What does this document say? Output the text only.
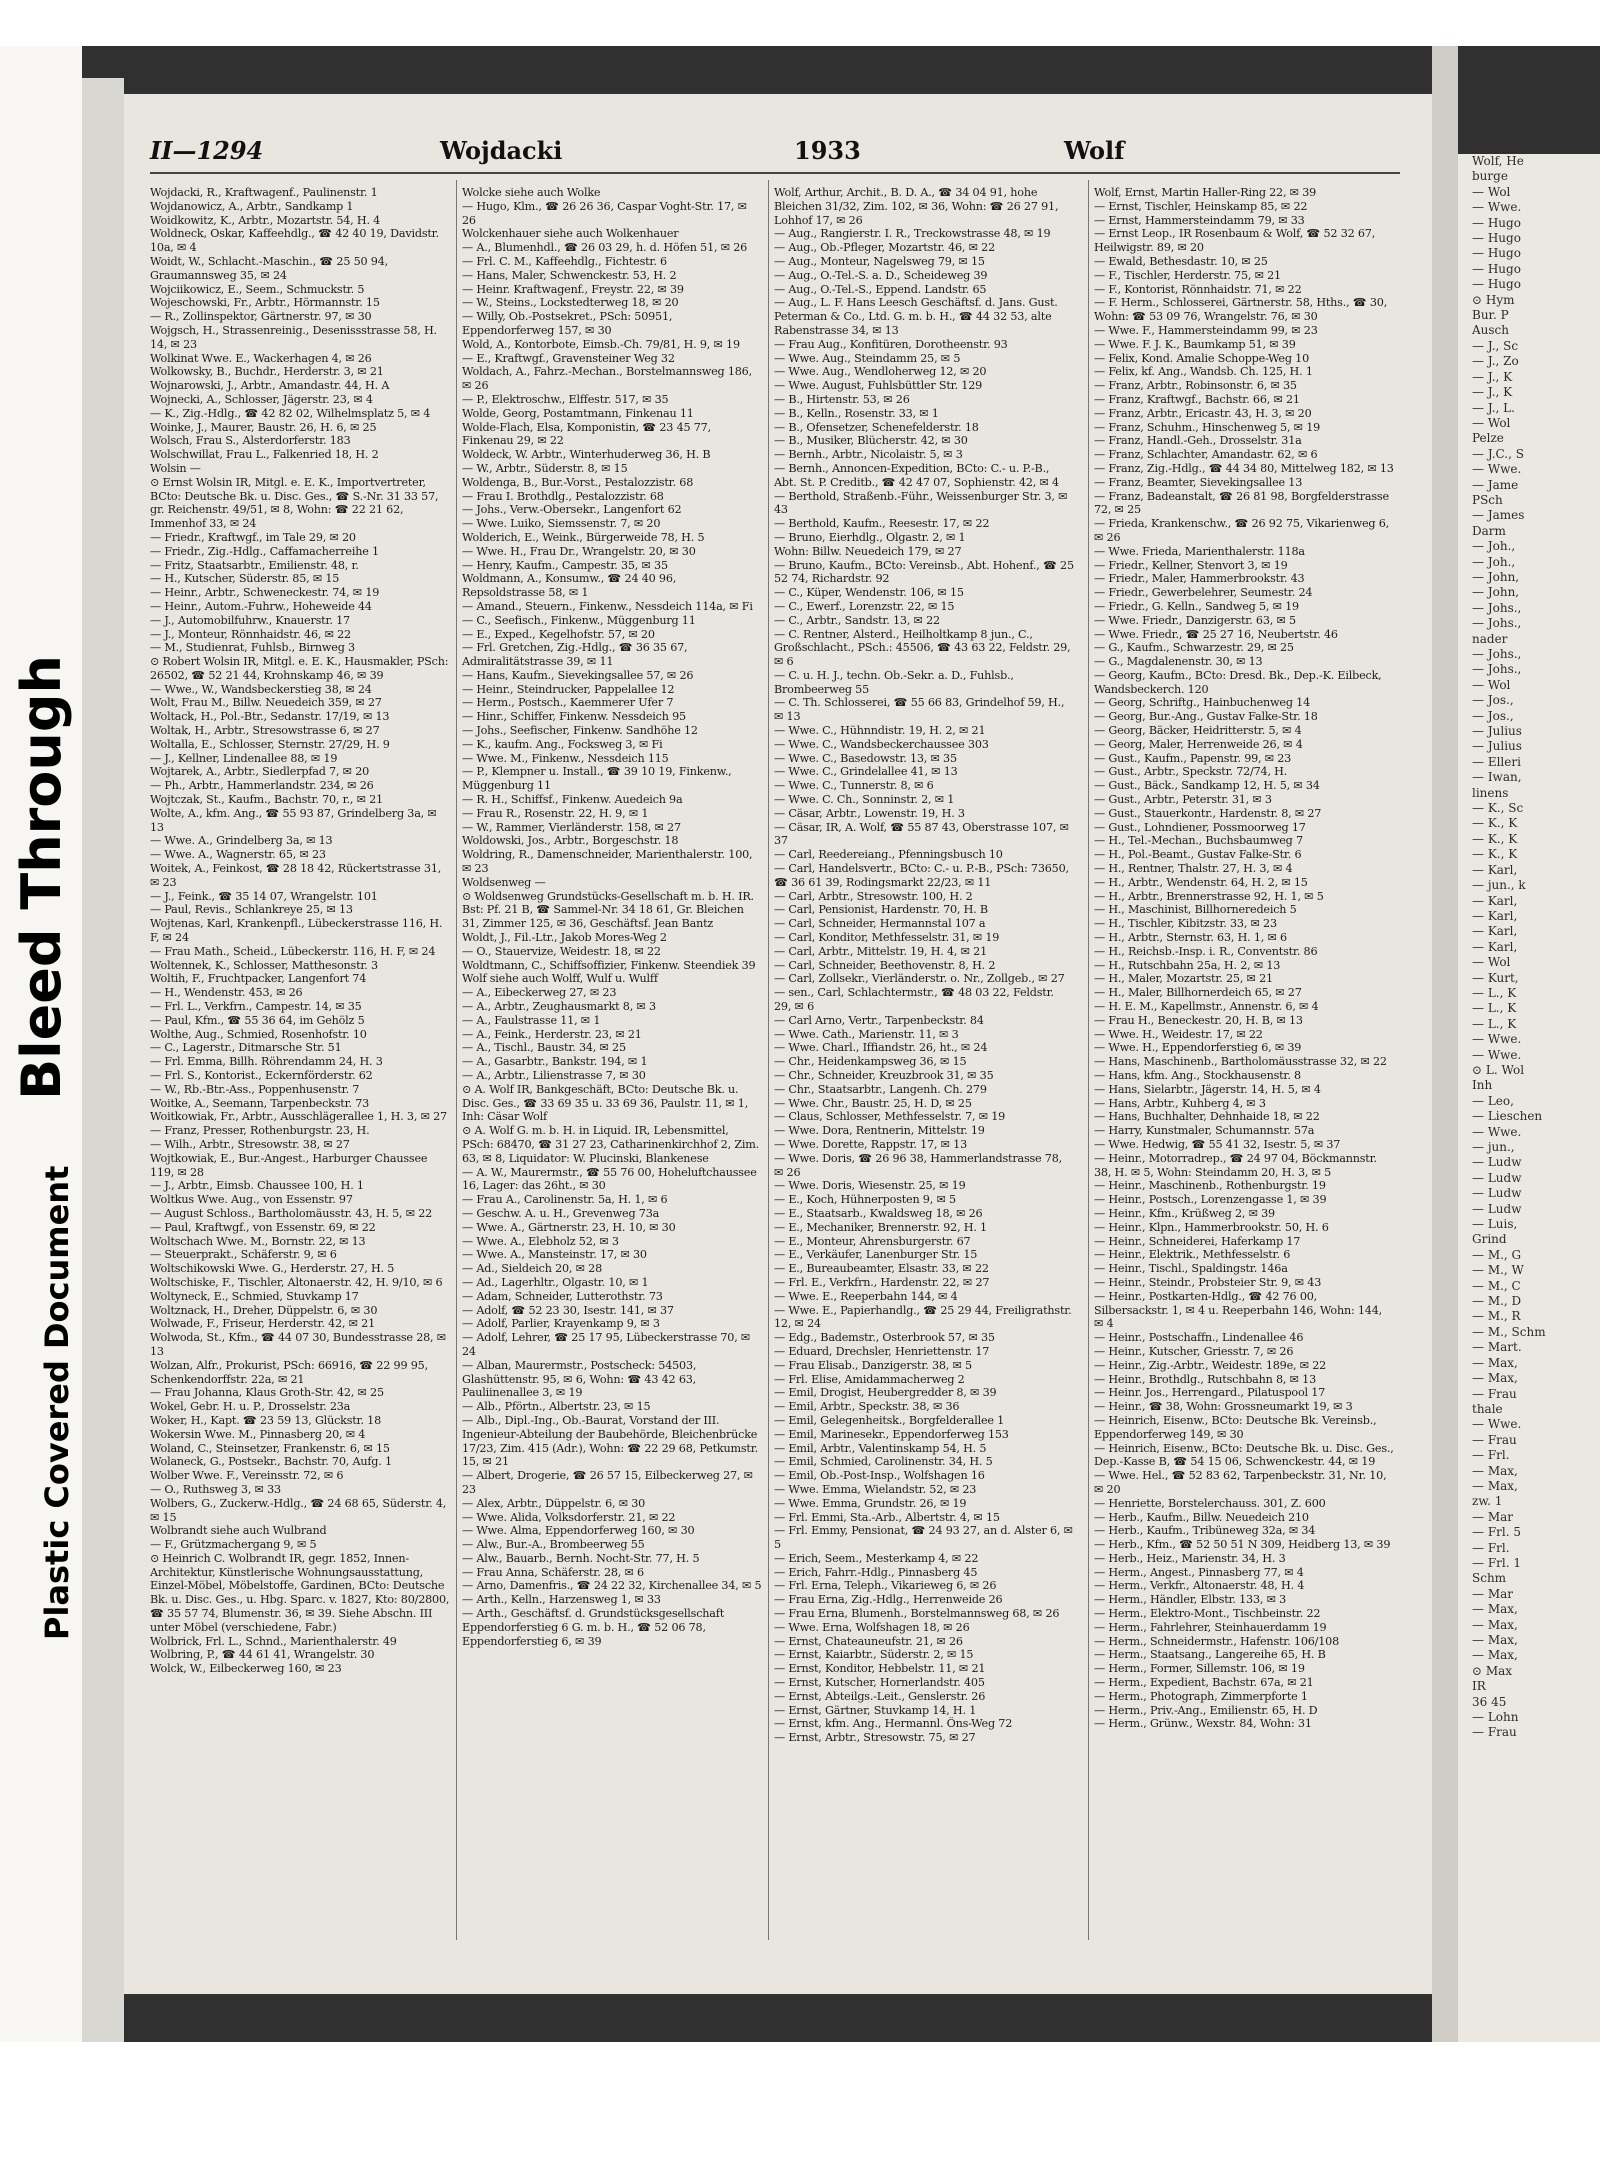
Wolf, He
burge
— Wol
— Wwe.
— Hugo
— Hugo
— Hugo
— Hugo
— Hugo
⊙ Hym
Bur. P
Ausch
— J., Sc
— J., Zo
— J., K
— J., K
— J., L.
— Wol
Pelze
— J.C., S
— Wwe.
— Jame
PSch
— James
Darm
— Joh.,
— Joh.,
— John,
— John,
— Johs.,
— Johs.,
nader
— Johs.,
— Johs.,
— Wol
— Jos.,
— Jos.,
— Julius
— Julius
— Elleri
— Iwan,
linens
— K., Sc
— K., K
— K., K
— K., K
— Karl,
— jun., k
— Karl,
— Karl,
— Karl,
— Karl,
— Wol
— Kurt,
— L., K
— L., K
— L., K
— Wwe.
— Wwe.
⊙ L. Wol
Inh
— Leo,
— Lieschen
— Wwe.
— jun.,
— Ludw
— Ludw
— Ludw
— Ludw
— Luis,
Grind
— M., G
— M., W
— M., C
— M., D
— M., R
— M., Schm
— Mart.
— Max,
— Max,
— Frau
thale
— Wwe.
— Frau
— Frl.
— Max,
— Max,
zw. 1
— Mar
— Frl. 5
— Frl.
— Frl. 1
Schm
— Mar
— Max,
— Max,
— Max,
— Max,
⊙ Max
IR
36 45
— Lohn
— Frau
Bleed Through
Plastic Covered Document
II—1294	Wojdacki	1933	Wolf
Wojdacki, R., Kraftwagenf., Paulinenstr. 1
Wojdanowicz, A., Arbtr., Sandkamp 1
Woidkowitz, K., Arbtr., Mozartstr. 54, H. 4
Woldneck, Oskar, Kaffeehdlg., ☎ 42 40 19, Davidstr. 10a, ✉ 4
Woidt, W., Schlacht.-Maschin., ☎ 25 50 94, Graumannsweg 35, ✉ 24
Wojciikowicz, E., Seem., Schmuckstr. 5
Wojeschowski, Fr., Arbtr., Hörmannstr. 15
— R., Zollinspektor, Gärtnerstr. 97, ✉ 30
Wojgsch, H., Strassenreinig., Desenissstrasse 58, H. 14, ✉ 23
Wolkinat Wwe. E., Wackerhagen 4, ✉ 26
Wolkowsky, B., Buchdr., Herderstr. 3, ✉ 21
Wojnarowski, J., Arbtr., Amandastr. 44, H. A
Wojnecki, A., Schlosser, Jägerstr. 23, ✉ 4
— K., Zig.-Hdlg., ☎ 42 82 02, Wilhelmsplatz 5, ✉ 4
Woinke, J., Maurer, Baustr. 26, H. 6, ✉ 25
Wolsch, Frau S., Alsterdorferstr. 183
Wolschwillat, Frau L., Falkenried 18, H. 2
Wolsin —
⊙ Ernst Wolsin IR, Mitgl. e. E. K., Importvertreter, BCto: Deutsche Bk. u. Disc. Ges., ☎ S.-Nr. 31 33 57, gr. Reichenstr. 49/51, ✉ 8, Wohn: ☎ 22 21 62, Immenhof 33, ✉ 24
— Friedr., Kraftwgf., im Tale 29, ✉ 20
— Friedr., Zig.-Hdlg., Caffamacherreihe 1
— Fritz, Staatsarbtr., Emilienstr. 48, r.
— H., Kutscher, Süderstr. 85, ✉ 15
— Heinr., Arbtr., Schweneckestr. 74, ✉ 19
— Heinr., Autom.-Fuhrw., Hoheweide 44
— J., Automobilfuhrw., Knauerstr. 17
— J., Monteur, Rönnhaidstr. 46, ✉ 22
— M., Studienrat, Fuhlsb., Birnweg 3
⊙ Robert Wolsin IR, Mitgl. e. E. K., Hausmakler, PSch: 26502, ☎ 52 21 44, Krohnskamp 46, ✉ 39
— Wwe., W., Wandsbeckerstieg 38, ✉ 24
Wolt, Frau M., Billw. Neuedeich 359, ✉ 27
Woltack, H., Pol.-Btr., Sedanstr. 17/19, ✉ 13
Woltak, H., Arbtr., Stresowstrasse 6, ✉ 27
Woltalla, E., Schlosser, Sternstr. 27/29, H. 9
— J., Kellner, Lindenallee 88, ✉ 19
Wojtarek, A., Arbtr., Siedlerpfad 7, ✉ 20
— Ph., Arbtr., Hammerlandstr. 234, ✉ 26
Wojtczak, St., Kaufm., Bachstr. 70, r., ✉ 21
Wolte, A., kfm. Ang., ☎ 55 93 87, Grindelberg 3a, ✉ 13
— Wwe. A., Grindelberg 3a, ✉ 13
— Wwe. A., Wagnerstr. 65, ✉ 23
Woitek, A., Feinkost, ☎ 28 18 42, Rückertstrasse 31, ✉ 23
— J., Feink., ☎ 35 14 07, Wrangelstr. 101
— Paul, Revis., Schlankreye 25, ✉ 13
Wojtenas, Karl, Krankenpfl., Lübeckerstrasse 116, H. F, ✉ 24
— Frau Math., Scheid., Lübeckerstr. 116, H. F, ✉ 24
Woltennek, K., Schlosser, Matthesonstr. 3
Woltih, F., Fruchtpacker, Langenfort 74
— H., Wendenstr. 453, ✉ 26
— Frl. L., Verkfrn., Campestr. 14, ✉ 35
— Paul, Kfm., ☎ 55 36 64, im Gehölz 5
Wolthe, Aug., Schmied, Rosenhofstr. 10
— C., Lagerstr., Ditmarsche Str. 51
— Frl. Emma, Billh. Röhrendamm 24, H. 3
— Frl. S., Kontorist., Eckernförderstr. 62
— W., Rb.-Btr.-Ass., Poppenhusenstr. 7
Woitke, A., Seemann, Tarpenbeckstr. 73
Woitkowiak, Fr., Arbtr., Ausschlägerallee 1, H. 3, ✉ 27
— Franz, Presser, Rothenburgstr. 23, H.
— Wilh., Arbtr., Stresowstr. 38, ✉ 27
Wojtkowiak, E., Bur.-Angest., Harburger Chaussee 119, ✉ 28
— J., Arbtr., Eimsb. Chaussee 100, H. 1
Woltkus Wwe. Aug., von Essenstr. 97
— August Schloss., Bartholomäusstr. 43, H. 5, ✉ 22
— Paul, Kraftwgf., von Essenstr. 69, ✉ 22
Woltschach Wwe. M., Bornstr. 22, ✉ 13
— Steuerprakt., Schäferstr. 9, ✉ 6
Woltschikowski Wwe. G., Herderstr. 27, H. 5
Woltschiske, F., Tischler, Altonaerstr. 42, H. 9/10, ✉ 6
Woltyneck, E., Schmied, Stuvkamp 17
Woltznack, H., Dreher, Düppelstr. 6, ✉ 30
Wolwade, F., Friseur, Herderstr. 42, ✉ 21
Wolwoda, St., Kfm., ☎ 44 07 30, Bundesstrasse 28, ✉ 13
Wolzan, Alfr., Prokurist, PSch: 66916, ☎ 22 99 95, Schenkendorffstr. 22a, ✉ 21
— Frau Johanna, Klaus Groth-Str. 42, ✉ 25
Wokel, Gebr. H. u. P., Drosselstr. 23a
Woker, H., Kapt. ☎ 23 59 13, Glückstr. 18
Wokersin Wwe. M., Pinnasberg 20, ✉ 4
Woland, C., Steinsetzer, Frankenstr. 6, ✉ 15
Wolaneck, G., Postsekr., Bachstr. 70, Aufg. 1
Wolber Wwe. F., Vereinsstr. 72, ✉ 6
— O., Ruthsweg 3, ✉ 33
Wolbers, G., Zuckerw.-Hdlg., ☎ 24 68 65, Süderstr. 4, ✉ 15
Wolbrandt siehe auch Wulbrand
— F., Grützmachergang 9, ✉ 5
⊙ Heinrich C. Wolbrandt IR, gegr. 1852, Innen-Architektur, Künstlerische Wohnungsausstattung, Einzel-Möbel, Möbelstoffe, Gardinen, BCto: Deutsche Bk. u. Disc. Ges., u. Hbg. Sparc. v. 1827, Kto: 80/2800, ☎ 35 57 74, Blumenstr. 36, ✉ 39. Siehe Abschn. III unter Möbel (verschiedene, Fabr.)
Wolbrick, Frl. L., Schnd., Marienthalerstr. 49
Wolbring, P., ☎ 44 61 41, Wrangelstr. 30
Wolck, W., Eilbeckerweg 160, ✉ 23
Wolcke siehe auch Wolke
— Hugo, Klm., ☎ 26 26 36, Caspar Voght-Str. 17, ✉ 26
Wolckenhauer siehe auch Wolkenhauer
— A., Blumenhdl., ☎ 26 03 29, h. d. Höfen 51, ✉ 26
— Frl. C. M., Kaffeehdlg., Fichtestr. 6
— Hans, Maler, Schwenckestr. 53, H. 2
— Heinr. Kraftwagenf., Freystr. 22, ✉ 39
— W., Steins., Lockstedterweg 18, ✉ 20
— Willy, Ob.-Postsekret., PSch: 50951, Eppendorferweg 157, ✉ 30
Wold, A., Kontorbote, Eimsb.-Ch. 79/81, H. 9, ✉ 19
— E., Kraftwgf., Gravensteiner Weg 32
Woldach, A., Fahrz.-Mechan., Borstelmannsweg 186, ✉ 26
— P., Elektroschw., Elffestr. 517, ✉ 35
Wolde, Georg, Postamtmann, Finkenau 11
Wolde-Flach, Elsa, Komponistin, ☎ 23 45 77, Finkenau 29, ✉ 22
Woldeck, W. Arbtr., Winterhuderweg 36, H. B
— W., Arbtr., Süderstr. 8, ✉ 15
Woldenga, B., Bur.-Vorst., Pestalozzistr. 68
— Frau I. Brothdlg., Pestalozzistr. 68
— Johs., Verw.-Obersekr., Langenfort 62
— Wwe. Luiko, Siemssenstr. 7, ✉ 20
Wolderich, E., Weink., Bürgerweide 78, H. 5
— Wwe. H., Frau Dr., Wrangelstr. 20, ✉ 30
— Henry, Kaufm., Campestr. 35, ✉ 35
Woldmann, A., Konsumw., ☎ 24 40 96, Repsoldstrasse 58, ✉ 1
— Amand., Steuern., Finkenw., Nessdeich 114a, ✉ Fi
— C., Seefisch., Finkenw., Müggenburg 11
— E., Exped., Kegelhofstr. 57, ✉ 20
— Frl. Gretchen, Zig.-Hdlg., ☎ 36 35 67, Admiralitätstrasse 39, ✉ 11
— Hans, Kaufm., Sievekingsallee 57, ✉ 26
— Heinr., Steindrucker, Pappelallee 12
— Herm., Postsch., Kaemmerer Ufer 7
— Hinr., Schiffer, Finkenw. Nessdeich 95
— Johs., Seefischer, Finkenw. Sandhöhe 12
— K., kaufm. Ang., Focksweg 3, ✉ Fi
— Wwe. M., Finkenw., Nessdeich 115
— P., Klempner u. Install., ☎ 39 10 19, Finkenw., Müggenburg 11
— R. H., Schiffsf., Finkenw. Auedeich 9a
— Frau R., Rosenstr. 22, H. 9, ✉ 1
— W., Rammer, Vierländerstr. 158, ✉ 27
Woldowski, Jos., Arbtr., Borgeschstr. 18
Woldring, R., Damenschneider, Marienthalerstr. 100, ✉ 23
Woldsenweg —
⊙ Woldsenweg Grundstücks-Gesellschaft m. b. H. IR. Bst: Pf. 21 B, ☎ Sammel-Nr. 34 18 61, Gr. Bleichen 31, Zimmer 125, ✉ 36, Geschäftsf. Jean Bantz
Woldt, J., Fil.-Ltr., Jakob Mores-Weg 2
— O., Stauervize, Weidestr. 18, ✉ 22
Woldtmann, C., Schiffsoffizier, Finkenw. Steendiek 39
Wolf siehe auch Wolff, Wulf u. Wulff
— A., Eibeckerweg 27, ✉ 23
— A., Arbtr., Zeughausmarkt 8, ✉ 3
— A., Faulstrasse 11, ✉ 1
— A., Feink., Herderstr. 23, ✉ 21
— A., Tischl., Baustr. 34, ✉ 25
— A., Gasarbtr., Bankstr. 194, ✉ 1
— A., Arbtr., Lilienstrasse 7, ✉ 30
⊙ A. Wolf IR, Bankgeschäft, BCto: Deutsche Bk. u. Disc. Ges., ☎ 33 69 35 u. 33 69 36, Paulstr. 11, ✉ 1, Inh: Cäsar Wolf
⊙ A. Wolf G. m. b. H. in Liquid. IR, Lebensmittel, PSch: 68470, ☎ 31 27 23, Catharinenkirchhof 2, Zim. 63, ✉ 8, Liquidator: W. Plucinski, Blankenese
— A. W., Maurermstr., ☎ 55 76 00, Hoheluftchaussee 16, Lager: das 26ht., ✉ 30
— Frau A., Carolinenstr. 5a, H. 1, ✉ 6
— Geschw. A. u. H., Grevenweg 73a
— Wwe. A., Gärtnerstr. 23, H. 10, ✉ 30
— Wwe. A., Elebholz 52, ✉ 3
— Wwe. A., Mansteinstr. 17, ✉ 30
— Ad., Sieldeich 20, ✉ 28
— Ad., Lagerhltr., Olgastr. 10, ✉ 1
— Adam, Schneider, Lutterothstr. 73
— Adolf, ☎ 52 23 30, Isestr. 141, ✉ 37
— Adolf, Parlier, Krayenkamp 9, ✉ 3
— Adolf, Lehrer, ☎ 25 17 95, Lübeckerstrasse 70, ✉ 24
— Alban, Maurermstr., Postscheck: 54503, Glashüttenstr. 95, ✉ 6, Wohn: ☎ 43 42 63, Pauliinenallee 3, ✉ 19
— Alb., Pförtn., Albertstr. 23, ✉ 15
— Alb., Dipl.-Ing., Ob.-Baurat, Vorstand der III. Ingenieur-Abteilung der Baubehörde, Bleichenbrücke 17/23, Zim. 415 (Adr.), Wohn: ☎ 22 29 68, Petkumstr. 15, ✉ 21
— Albert, Drogerie, ☎ 26 57 15, Eilbeckerweg 27, ✉ 23
— Alex, Arbtr., Düppelstr. 6, ✉ 30
— Wwe. Alida, Volksdorferstr. 21, ✉ 22
— Wwe. Alma, Eppendorferweg 160, ✉ 30
— Alw., Bur.-A., Brombeerweg 55
— Alw., Bauarb., Bernh. Nocht-Str. 77, H. 5
— Frau Anna, Schäferstr. 28, ✉ 6
— Arno, Damenfris., ☎ 24 22 32, Kirchenallee 34, ✉ 5
— Arth., Kelln., Harzensweg 1, ✉ 33
— Arth., Geschäftsf. d. Grundstücksgesellschaft Eppendorferstieg 6 G. m. b. H., ☎ 52 06 78, Eppendorferstieg 6, ✉ 39
Wolf, Arthur, Archit., B. D. A., ☎ 34 04 91, hohe Bleichen 31/32, Zim. 102, ✉ 36, Wohn: ☎ 26 27 91, Lohhof 17, ✉ 26
— Aug., Rangierstr. I. R., Treckowstrasse 48, ✉ 19
— Aug., Ob.-Pfleger, Mozartstr. 46, ✉ 22
— Aug., Monteur, Nagelsweg 79, ✉ 15
— Aug., O.-Tel.-S. a. D., Scheideweg 39
— Aug., O.-Tel.-S., Eppend. Landstr. 65
— Aug., L. F. Hans Leesch Geschäftsf. d. Jans. Gust. Peterman & Co., Ltd. G. m. b. H., ☎ 44 32 53, alte Rabenstrasse 34, ✉ 13
— Frau Aug., Konfitüren, Dorotheenstr. 93
— Wwe. Aug., Steindamm 25, ✉ 5
— Wwe. Aug., Wendloherweg 12, ✉ 20
— Wwe. August, Fuhlsbüttler Str. 129
— B., Hirtenstr. 53, ✉ 26
— B., Kelln., Rosenstr. 33, ✉ 1
— B., Ofensetzer, Schenefelderstr. 18
— B., Musiker, Blücherstr. 42, ✉ 30
— Bernh., Arbtr., Nicolaistr. 5, ✉ 3
— Bernh., Annoncen-Expedition, BCto: C.- u. P.-B., Abt. St. P. Creditb., ☎ 42 47 07, Sophienstr. 42, ✉ 4
— Berthold, Straßenb.-Führ., Weissenburger Str. 3, ✉ 43
— Berthold, Kaufm., Reesestr. 17, ✉ 22
— Bruno, Eierhdlg., Olgastr. 2, ✉ 1
Wohn: Billw. Neuedeich 179, ✉ 27
— Bruno, Kaufm., BCto: Vereinsb., Abt. Hohenf., ☎ 25 52 74, Richardstr. 92
— C., Küper, Wendenstr. 106, ✉ 15
— C., Ewerf., Lorenzstr. 22, ✉ 15
— C., Arbtr., Sandstr. 13, ✉ 22
— C. Rentner, Alsterd., Heilholtkamp 8 jun., C., Großschlacht., PSch.: 45506, ☎ 43 63 22, Feldstr. 29, ✉ 6
— C. u. H. J., techn. Ob.-Sekr. a. D., Fuhlsb., Brombeerweg 55
— C. Th. Schlosserei, ☎ 55 66 83, Grindelhof 59, H., ✉ 13
— Wwe. C., Hühnndistr. 19, H. 2, ✉ 21
— Wwe. C., Wandsbeckerchaussee 303
— Wwe. C., Basedowstr. 13, ✉ 35
— Wwe. C., Grindelallee 41, ✉ 13
— Wwe. C., Tunnerstr. 8, ✉ 6
— Wwe. C. Ch., Sonninstr. 2, ✉ 1
— Cäsar, Arbtr., Lowenstr. 19, H. 3
— Cäsar, IR, A. Wolf, ☎ 55 87 43, Oberstrasse 107, ✉ 37
— Carl, Reedereiang., Pfenningsbusch 10
— Carl, Handelsvertr., BCto: C.- u. P.-B., PSch: 73650, ☎ 36 61 39, Rodingsmarkt 22/23, ✉ 11
— Carl, Arbtr., Stresowstr. 100, H. 2
— Carl, Pensionist, Hardenstr. 70, H. B
— Carl, Schneider, Hermannstal 107 a
— Carl, Konditor, Methfesselstr. 31, ✉ 19
— Carl, Arbtr., Mittelstr. 19, H. 4, ✉ 21
— Carl, Schneider, Beethovenstr. 8, H. 2
— Carl, Zollsekr., Vierländerstr. o. Nr., Zollgeb., ✉ 27
— sen., Carl, Schlachtermstr., ☎ 48 03 22, Feldstr. 29, ✉ 6
— Carl Arno, Vertr., Tarpenbeckstr. 84
— Wwe. Cath., Marienstr. 11, ✉ 3
— Wwe. Charl., Iffiandstr. 26, ht., ✉ 24
— Chr., Heidenkampsweg 36, ✉ 15
— Chr., Schneider, Kreuzbrook 31, ✉ 35
— Chr., Staatsarbtr., Langenh. Ch. 279
— Wwe. Chr., Baustr. 25, H. D, ✉ 25
— Claus, Schlosser, Methfesselstr. 7, ✉ 19
— Wwe. Dora, Rentnerin, Mittelstr. 19
— Wwe. Dorette, Rappstr. 17, ✉ 13
— Wwe. Doris, ☎ 26 96 38, Hammerlandstrasse 78, ✉ 26
— Wwe. Doris, Wiesenstr. 25, ✉ 19
— E., Koch, Hühnerposten 9, ✉ 5
— E., Staatsarb., Kwaldsweg 18, ✉ 26
— E., Mechaniker, Brennerstr. 92, H. 1
— E., Monteur, Ahrensburgerstr. 67
— E., Verkäufer, Lanenburger Str. 15
— E., Bureaubeamter, Elsastr. 33, ✉ 22
— Frl. E., Verkfrn., Hardenstr. 22, ✉ 27
— Wwe. E., Reeperbahn 144, ✉ 4
— Wwe. E., Papierhandlg., ☎ 25 29 44, Freiligrathstr. 12, ✉ 24
— Edg., Bademstr., Osterbrook 57, ✉ 35
— Eduard, Drechsler, Henriettenstr. 17
— Frau Elisab., Danzigerstr. 38, ✉ 5
— Frl. Elise, Amidammacherweg 2
— Emil, Drogist, Heubergredder 8, ✉ 39
— Emil, Arbtr., Speckstr. 38, ✉ 36
— Emil, Gelegenheitsk., Borgfelderallee 1
— Emil, Marinesekr., Eppendorferweg 153
— Emil, Arbtr., Valentinskamp 54, H. 5
— Emil, Schmied, Carolinenstr. 34, H. 5
— Emil, Ob.-Post-Insp., Wolfshagen 16
— Wwe. Emma, Wielandstr. 52, ✉ 23
— Wwe. Emma, Grundstr. 26, ✉ 19
— Frl. Emmi, Sta.-Arb., Albertstr. 4, ✉ 15
— Frl. Emmy, Pensionat, ☎ 24 93 27, an d. Alster 6, ✉ 5
— Erich, Seem., Mesterkamp 4, ✉ 22
— Erich, Fahrr.-Hdlg., Pinnasberg 45
— Frl. Erna, Teleph., Vikarieweg 6, ✉ 26
— Frau Erna, Zig.-Hdlg., Herrenweide 26
— Frau Erna, Blumenh., Borstelmannsweg 68, ✉ 26
— Wwe. Erna, Wolfshagen 18, ✉ 26
— Ernst, Chateauneufstr. 21, ✉ 26
— Ernst, Kaiarbtr., Süderstr. 2, ✉ 15
— Ernst, Konditor, Hebbelstr. 11, ✉ 21
— Ernst, Kutscher, Hornerlandstr. 405
— Ernst, Abteilgs.-Leit., Genslerstr. 26
— Ernst, Gärtner, Stuvkamp 14, H. 1
— Ernst, kfm. Ang., Hermannl. Öns-Weg 72
— Ernst, Arbtr., Stresowstr. 75, ✉ 27
Wolf, Ernst, Martin Haller-Ring 22, ✉ 39
— Ernst, Tischler, Heinskamp 85, ✉ 22
— Ernst, Hammersteindamm 79, ✉ 33
— Ernst Leop., IR Rosenbaum & Wolf, ☎ 52 32 67, Heilwigstr. 89, ✉ 20
— Ewald, Bethesdastr. 10, ✉ 25
— F., Tischler, Herderstr. 75, ✉ 21
— F., Kontorist, Rönnhaidstr. 71, ✉ 22
— F. Herm., Schlosserei, Gärtnerstr. 58, Hths., ☎ 30, Wohn: ☎ 53 09 76, Wrangelstr. 76, ✉ 30
— Wwe. F., Hammersteindamm 99, ✉ 23
— Wwe. F. J. K., Baumkamp 51, ✉ 39
— Felix, Kond. Amalie Schoppe-Weg 10
— Felix, kf. Ang., Wandsb. Ch. 125, H. 1
— Franz, Arbtr., Robinsonstr. 6, ✉ 35
— Franz, Kraftwgf., Bachstr. 66, ✉ 21
— Franz, Arbtr., Ericastr. 43, H. 3, ✉ 20
— Franz, Schuhm., Hinschenweg 5, ✉ 19
— Franz, Handl.-Geh., Drosselstr. 31a
— Franz, Schlachter, Amandastr. 62, ✉ 6
— Franz, Zig.-Hdlg., ☎ 44 34 80, Mittelweg 182, ✉ 13
— Franz, Beamter, Sievekingsallee 13
— Franz, Badeanstalt, ☎ 26 81 98, Borgfelderstrasse 72, ✉ 25
— Frieda, Krankenschw., ☎ 26 92 75, Vikarienweg 6, ✉ 26
— Wwe. Frieda, Marienthalerstr. 118a
— Friedr., Kellner, Stenvort 3, ✉ 19
— Friedr., Maler, Hammerbrookstr. 43
— Friedr., Gewerbelehrer, Seumestr. 24
— Friedr., G. Kelln., Sandweg 5, ✉ 19
— Wwe. Friedr., Danzigerstr. 63, ✉ 5
— Wwe. Friedr., ☎ 25 27 16, Neubertstr. 46
— G., Kaufm., Schwarzestr. 29, ✉ 25
— G., Magdalenenstr. 30, ✉ 13
— Georg, Kaufm., BCto: Dresd. Bk., Dep.-K. Eilbeck, Wandsbeckerch. 120
— Georg, Schriftg., Hainbuchenweg 14
— Georg, Bur.-Ang., Gustav Falke-Str. 18
— Georg, Bäcker, Heidritterstr. 5, ✉ 4
— Georg, Maler, Herrenweide 26, ✉ 4
— Gust., Kaufm., Papenstr. 99, ✉ 23
— Gust., Arbtr., Speckstr. 72/74, H.
— Gust., Bäck., Sandkamp 12, H. 5, ✉ 34
— Gust., Arbtr., Peterstr. 31, ✉ 3
— Gust., Stauerkontr., Hardenstr. 8, ✉ 27
— Gust., Lohndiener, Possmoorweg 17
— H., Tel.-Mechan., Buchsbaumweg 7
— H., Pol.-Beamt., Gustav Falke-Str. 6
— H., Rentner, Thalstr. 27, H. 3, ✉ 4
— H., Arbtr., Wendenstr. 64, H. 2, ✉ 15
— H., Arbtr., Brennerstrasse 92, H. 1, ✉ 5
— H., Maschinist, Billhorneredeich 5
— H., Tischler, Kibitzstr. 33, ✉ 23
— H., Arbtr., Sternstr. 63, H. 1, ✉ 6
— H., Reichsb.-Insp. i. R., Conventstr. 86
— H., Rutschbahn 25a, H. 2, ✉ 13
— H., Maler, Mozartstr. 25, ✉ 21
— H., Maler, Billhornerdeich 65, ✉ 27
— H. E. M., Kapellmstr., Annenstr. 6, ✉ 4
— Frau H., Beneckestr. 20, H. B, ✉ 13
— Wwe. H., Weidestr. 17, ✉ 22
— Wwe. H., Eppendorferstieg 6, ✉ 39
— Hans, Maschinenb., Bartholomäusstrasse 32, ✉ 22
— Hans, kfm. Ang., Stockhausenstr. 8
— Hans, Sielarbtr., Jägerstr. 14, H. 5, ✉ 4
— Hans, Arbtr., Kuhberg 4, ✉ 3
— Hans, Buchhalter, Dehnhaide 18, ✉ 22
— Harry, Kunstmaler, Schumannstr. 57a
— Wwe. Hedwig, ☎ 55 41 32, Isestr. 5, ✉ 37
— Heinr., Motorradrep., ☎ 24 97 04, Böckmannstr. 38, H. ✉ 5, Wohn: Steindamm 20, H. 3, ✉ 5
— Heinr., Maschinenb., Rothenburgstr. 19
— Heinr., Postsch., Lorenzengasse 1, ✉ 39
— Heinr., Kfm., Krüßweg 2, ✉ 39
— Heinr., Klpn., Hammerbrookstr. 50, H. 6
— Heinr., Schneiderei, Haferkamp 17
— Heinr., Elektrik., Methfesselstr. 6
— Heinr., Tischl., Spaldingstr. 146a
— Heinr., Steindr., Probsteier Str. 9, ✉ 43
— Heinr., Postkarten-Hdlg., ☎ 42 76 00, Silbersackstr. 1, ✉ 4 u. Reeperbahn 146, Wohn: 144, ✉ 4
— Heinr., Postschaffn., Lindenallee 46
— Heinr., Kutscher, Griesstr. 7, ✉ 26
— Heinr., Zig.-Arbtr., Weidestr. 189e, ✉ 22
— Heinr., Brothdlg., Rutschbahn 8, ✉ 13
— Heinr. Jos., Herrengard., Pilatuspool 17
— Heinr., ☎ 38, Wohn: Grossneumarkt 19, ✉ 3
— Heinrich, Eisenw., BCto: Deutsche Bk. Vereinsb., Eppendorferweg 149, ✉ 30
— Heinrich, Eisenw., BCto: Deutsche Bk. u. Disc. Ges., Dep.-Kasse B, ☎ 54 15 06, Schwenckestr. 44, ✉ 19
— Wwe. Hel., ☎ 52 83 62, Tarpenbeckstr. 31, Nr. 10, ✉ 20
— Henriette, Borstelerchauss. 301, Z. 600
— Herb., Kaufm., Billw. Neuedeich 210
— Herb., Kaufm., Tribüneweg 32a, ✉ 34
— Herb., Kfm., ☎ 52 50 51 N 309, Heidberg 13, ✉ 39
— Herb., Heiz., Marienstr. 34, H. 3
— Herm., Angest., Pinnasberg 77, ✉ 4
— Herm., Verkfr., Altonaerstr. 48, H. 4
— Herm., Händler, Elbstr. 133, ✉ 3
— Herm., Elektro-Mont., Tischbeinstr. 22
— Herm., Fahrlehrer, Steinhauerdamm 19
— Herm., Schneidermstr., Hafenstr. 106/108
— Herm., Staatsang., Langereihe 65, H. B
— Herm., Former, Sillemstr. 106, ✉ 19
— Herm., Expedient, Bachstr. 67a, ✉ 21
— Herm., Photograph, Zimmerpforte 1
— Herm., Priv.-Ang., Emilienstr. 65, H. D
— Herm., Grünw., Wexstr. 84, Wohn: 31
